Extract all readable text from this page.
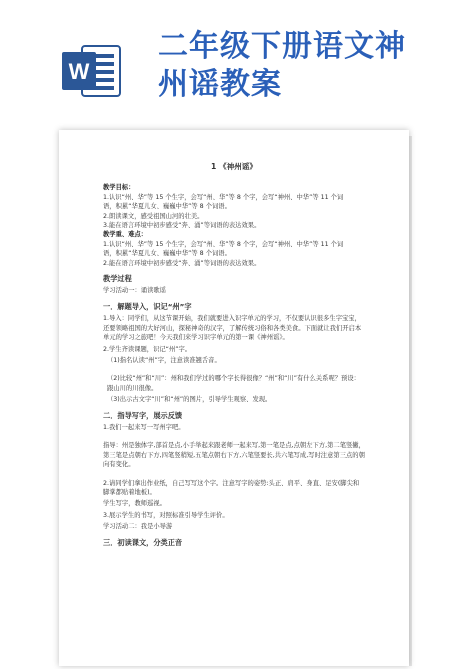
W
二年级下册语文神
州谣教案
1 《神州谣》
教学目标：
1.认识“州、华”等 15 个生字，会写“州、华”等 8 个字，会写“神州、中华”等 11 个词
语，积累“华夏儿女、巍巍中华”等 8 个词语。
2.朗读课文，感受祖国山河的壮美。
3.能在语言环境中初步感受“奔、涌”等词语的表达效果。
教学重、难点：
1.认识“州、华”等 15 个生字，会写“州、华”等 8 个字，会写“神州、中华”等 11 个词
语，积累“华夏儿女、巍巍中华”等 8 个词语。
2.能在语言环境中初步感受“奔、涌”等词语的表达效果。
教学过程
学习活动一：诵读歌谣
一．解题导入，识记“州”字
1.导入：同学们，从这节课开始，我们就要进入识字单元的学习，不仅要认识很多生字宝宝，还要领略祖国的大好河山，探秘神奇的汉字，了解传统习俗和各类美食。下面就让我们开启本单元的学习之旅吧！今天我们来学习识字单元的第一课《神州谣》。
2.学生齐读课题，识记“州”字。
（1)指名认读“州”字，注意读准翘舌音。
（2)比较“州”和“川”：州和我们学过的哪个字长得很像？“州”和“川”有什么关系呢？预设：跟山川的川很像。
（3)出示古文字“川”和“州”的图片，引导学生观察、发现。
二．指导写字，展示反馈
1.我们一起来写一写州字吧。
指导：州是独体字,部首是点,小手举起来跟老师一起来写,第一笔是点,点朝左下方,第二笔竖撇，第三笔是点朝右下方,四笔竖稍短,五笔点朝右下方,六笔竖要长,共六笔写成,写时注意第三点的朝向有变化。
2.请同学们拿出作业纸，自己写写这个字。注意写字的姿势:头正、肩平、身直、足安(脚尖和脚掌都贴着地板)。
学生写字，教师巡视。
3.展示学生的书写，对照标准引导学生评价。
学习活动二：我是小导游
三．初读课文，分类正音
